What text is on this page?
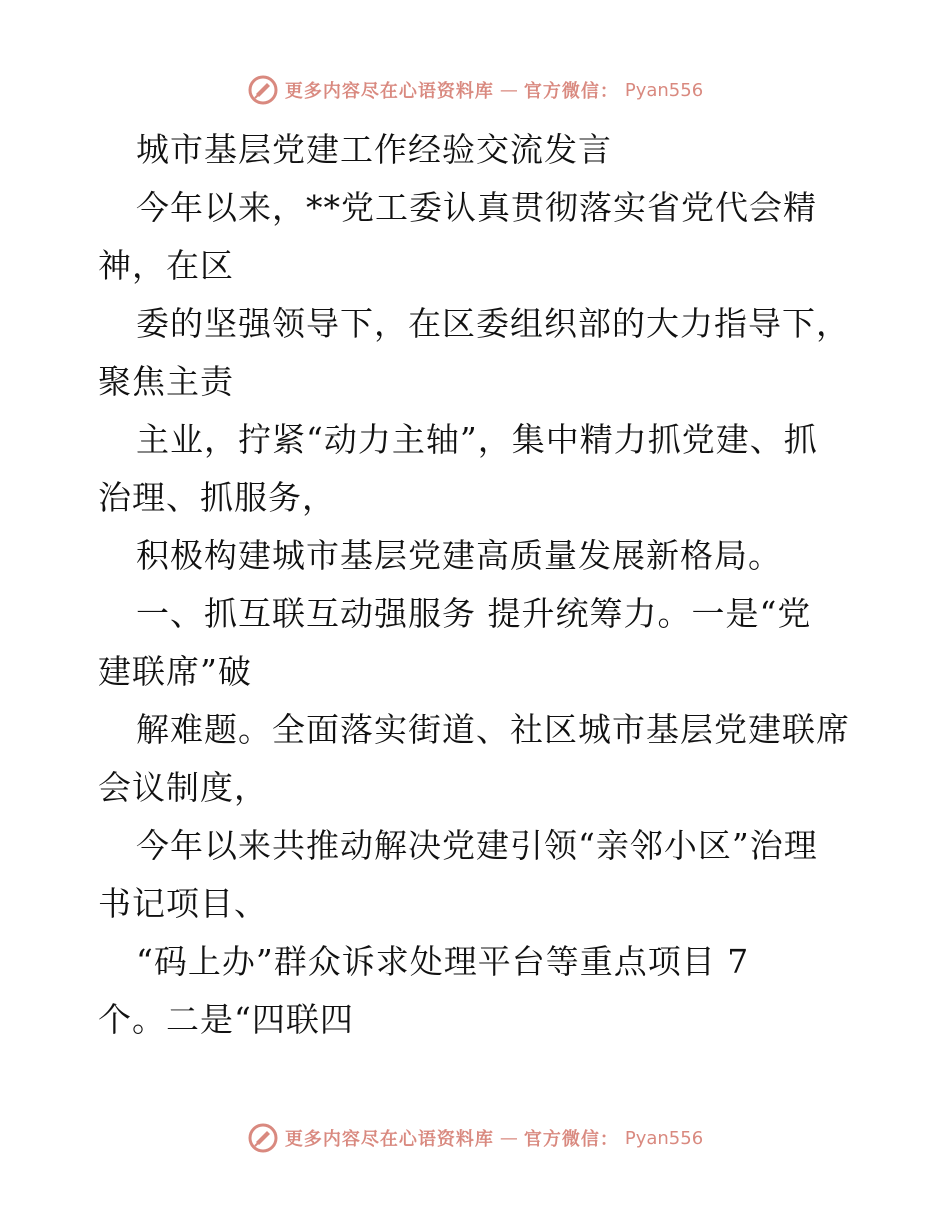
更多内容尽在心语资料库 — 官方微信： Pyan556
城市基层党建工作经验交流发言
今年以来，**党工委认真贯彻落实省党代会精
神，在区
委的坚强领导下，在区委组织部的大力指导下，
聚焦主责
主业，拧紧“动力主轴”，集中精力抓党建、抓
治理、抓服务，
积极构建城市基层党建高质量发展新格局。
一、抓互联互动强服务 提升统筹力。一是“党
建联席”破
解难题。全面落实街道、社区城市基层党建联席
会议制度，
今年以来共推动解决党建引领“亲邻小区”治理
书记项目、
“码上办”群众诉求处理平台等重点项目 7
个。二是“四联四
更多内容尽在心语资料库 — 官方微信： Pyan556
